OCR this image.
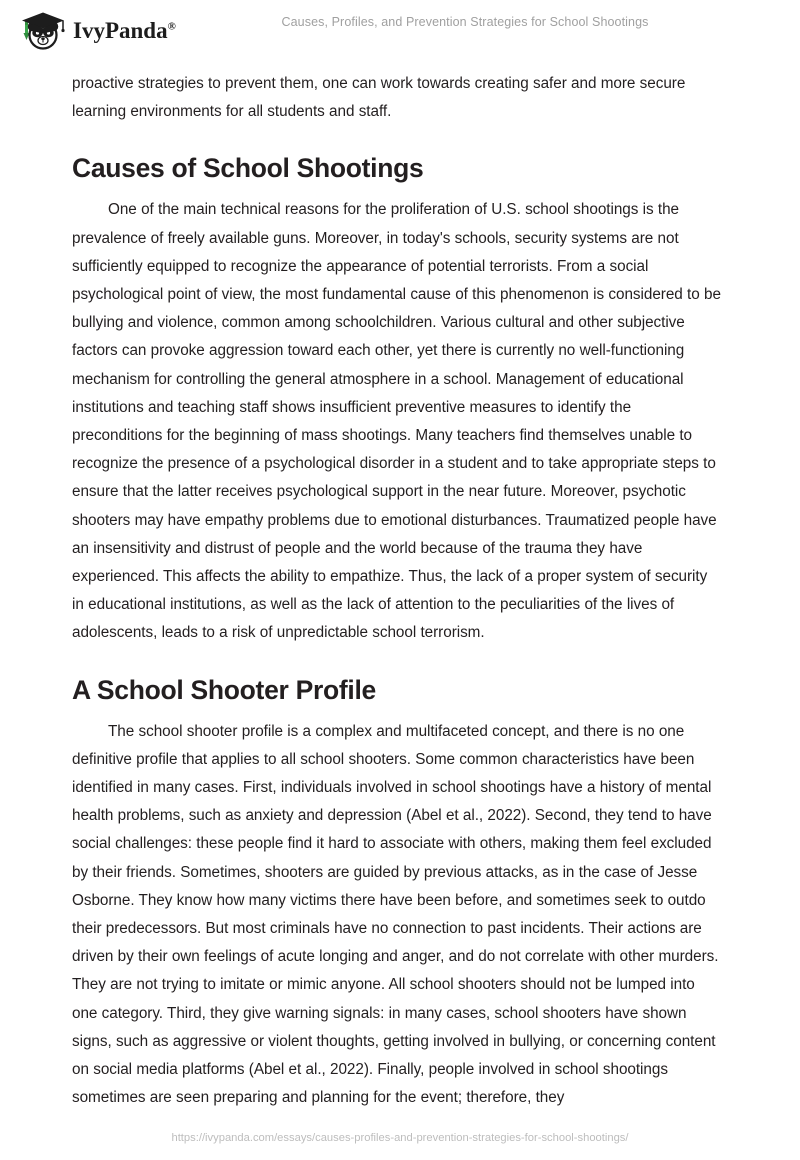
IvyPanda®	Causes, Profiles, and Prevention Strategies for School Shootings

proactive strategies to prevent them, one can work towards creating safer and more secure learning environments for all students and staff.

Causes of School Shootings

One of the main technical reasons for the proliferation of U.S. school shootings is the prevalence of freely available guns. Moreover, in today's schools, security systems are not sufficiently equipped to recognize the appearance of potential terrorists. From a social psychological point of view, the most fundamental cause of this phenomenon is considered to be bullying and violence, common among schoolchildren. Various cultural and other subjective factors can provoke aggression toward each other, yet there is currently no well-functioning mechanism for controlling the general atmosphere in a school. Management of educational institutions and teaching staff shows insufficient preventive measures to identify the preconditions for the beginning of mass shootings. Many teachers find themselves unable to recognize the presence of a psychological disorder in a student and to take appropriate steps to ensure that the latter receives psychological support in the near future. Moreover, psychotic shooters may have empathy problems due to emotional disturbances. Traumatized people have an insensitivity and distrust of people and the world because of the trauma they have experienced. This affects the ability to empathize. Thus, the lack of a proper system of security in educational institutions, as well as the lack of attention to the peculiarities of the lives of adolescents, leads to a risk of unpredictable school terrorism.

A School Shooter Profile

The school shooter profile is a complex and multifaceted concept, and there is no one definitive profile that applies to all school shooters. Some common characteristics have been identified in many cases. First, individuals involved in school shootings have a history of mental health problems, such as anxiety and depression (Abel et al., 2022). Second, they tend to have social challenges: these people find it hard to associate with others, making them feel excluded by their friends. Sometimes, shooters are guided by previous attacks, as in the case of Jesse Osborne. They know how many victims there have been before, and sometimes seek to outdo their predecessors. But most criminals have no connection to past incidents. Their actions are driven by their own feelings of acute longing and anger, and do not correlate with other murders. They are not trying to imitate or mimic anyone. All school shooters should not be lumped into one category. Third, they give warning signals: in many cases, school shooters have shown signs, such as aggressive or violent thoughts, getting involved in bullying, or concerning content on social media platforms (Abel et al., 2022). Finally, people involved in school shootings sometimes are seen preparing and planning for the event; therefore, they

https://ivypanda.com/essays/causes-profiles-and-prevention-strategies-for-school-shootings/
